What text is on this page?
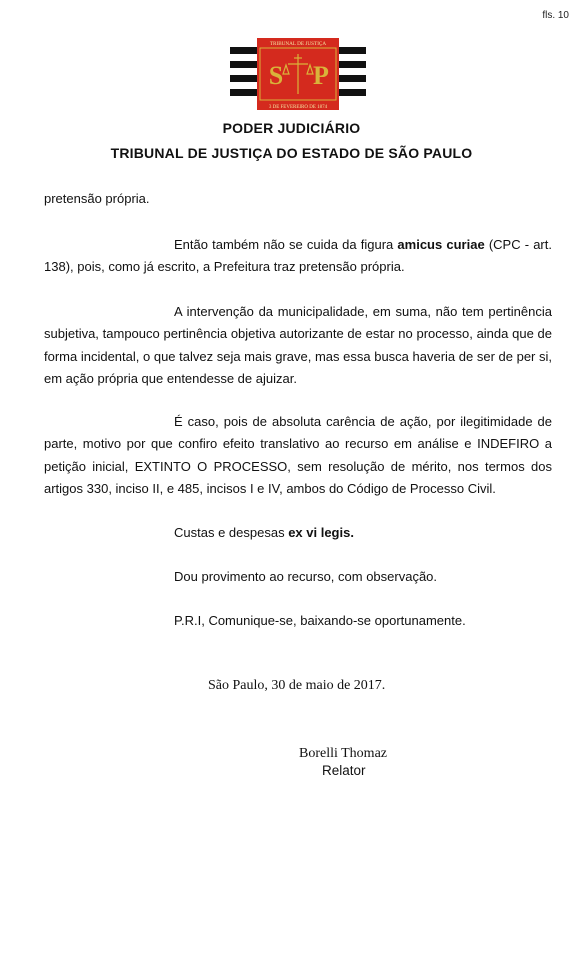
fls. 10
TRIBUNAL DE JUSTIÇA
S P
3 DE FEVEREIRO DE 1874
PODER JUDICIÁRIO
TRIBUNAL DE JUSTIÇA DO ESTADO DE SÃO PAULO

pretensão própria.

Então também não se cuida da figura amicus curiae (CPC - art. 138), pois, como já escrito, a Prefeitura traz pretensão própria.

A intervenção da municipalidade, em suma, não tem pertinência subjetiva, tampouco pertinência objetiva autorizante de estar no processo, ainda que de forma incidental, o que talvez seja mais grave, mas essa busca haveria de ser de per si, em ação própria que entendesse de ajuizar.

É caso, pois de absoluta carência de ação, por ilegitimidade de parte, motivo por que confiro efeito translativo ao recurso em análise e INDEFIRO a petição inicial, EXTINTO O PROCESSO, sem resolução de mérito, nos termos dos artigos 330, inciso II, e 485, incisos I e IV, ambos do Código de Processo Civil.

Custas e despesas ex vi legis.

Dou provimento ao recurso, com observação.

P.R.I, Comunique-se, baixando-se oportunamente.

São Paulo, 30 de maio de 2017.
Borelli Thomaz
Relator
